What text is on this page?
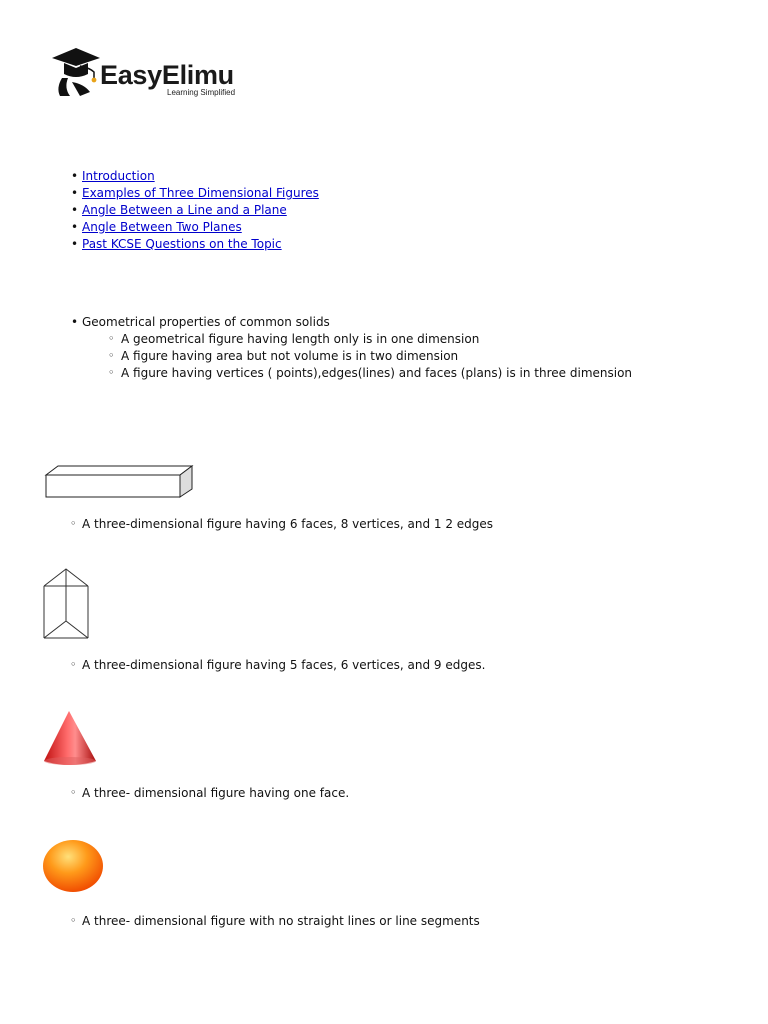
EasyElimu
Learning Simplified
• Introduction
• Examples of Three Dimensional Figures
• Angle Between a Line and a Plane
• Angle Between Two Planes
• Past KCSE Questions on the Topic
• Geometrical properties of common solids
◦ A geometrical figure having length only is in one dimension
◦ A figure having area but not volume is in two dimension
◦ A figure having vertices ( points),edges(lines) and faces (plans) is in three dimension
◦ A three-dimensional figure having 6 faces, 8 vertices, and 1 2 edges
◦ A three-dimensional figure having 5 faces, 6 vertices, and 9 edges.
◦ A three- dimensional figure having one face.
◦ A three- dimensional figure with no straight lines or line segments
